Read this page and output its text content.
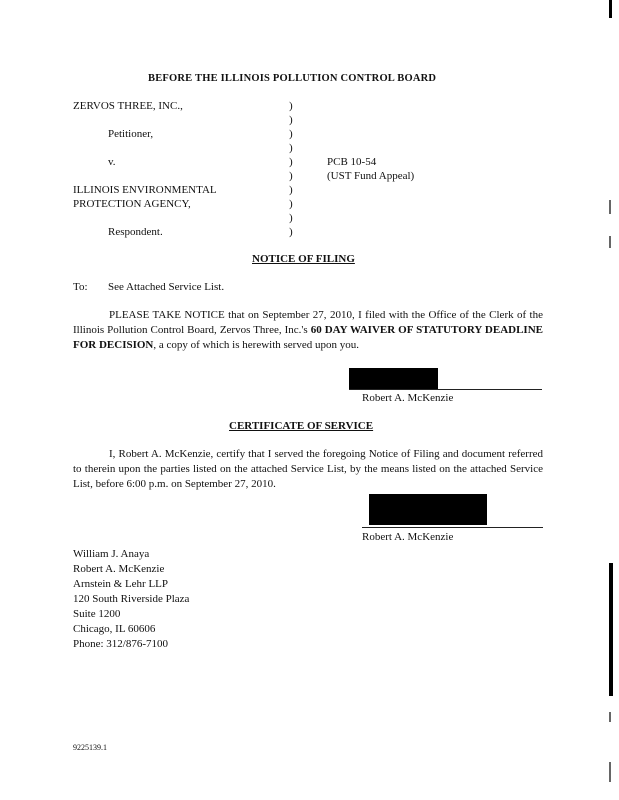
BEFORE THE ILLINOIS POLLUTION CONTROL BOARD
ZERVOS THREE, INC.,
Petitioner,
v.
ILLINOIS ENVIRONMENTAL
PROTECTION AGENCY,
Respondent.
)
)
)
)
)
)
)
)
)
)
PCB 10-54
(UST Fund Appeal)
NOTICE OF FILING
To: See Attached Service List.
PLEASE TAKE NOTICE that on September 27, 2010, I filed with the Office of the Clerk of the Illinois Pollution Control Board, Zervos Three, Inc.'s 60 DAY WAIVER OF STATUTORY DEADLINE FOR DECISION, a copy of which is herewith served upon you.
Robert A. McKenzie
CERTIFICATE OF SERVICE
I, Robert A. McKenzie, certify that I served the foregoing Notice of Filing and document referred to therein upon the parties listed on the attached Service List, by the means listed on the attached Service List, before 6:00 p.m. on September 27, 2010.
Robert A. McKenzie
William J. Anaya
Robert A. McKenzie
Arnstein & Lehr LLP
120 South Riverside Plaza
Suite 1200
Chicago, IL 60606
Phone: 312/876-7100
9225139.1
